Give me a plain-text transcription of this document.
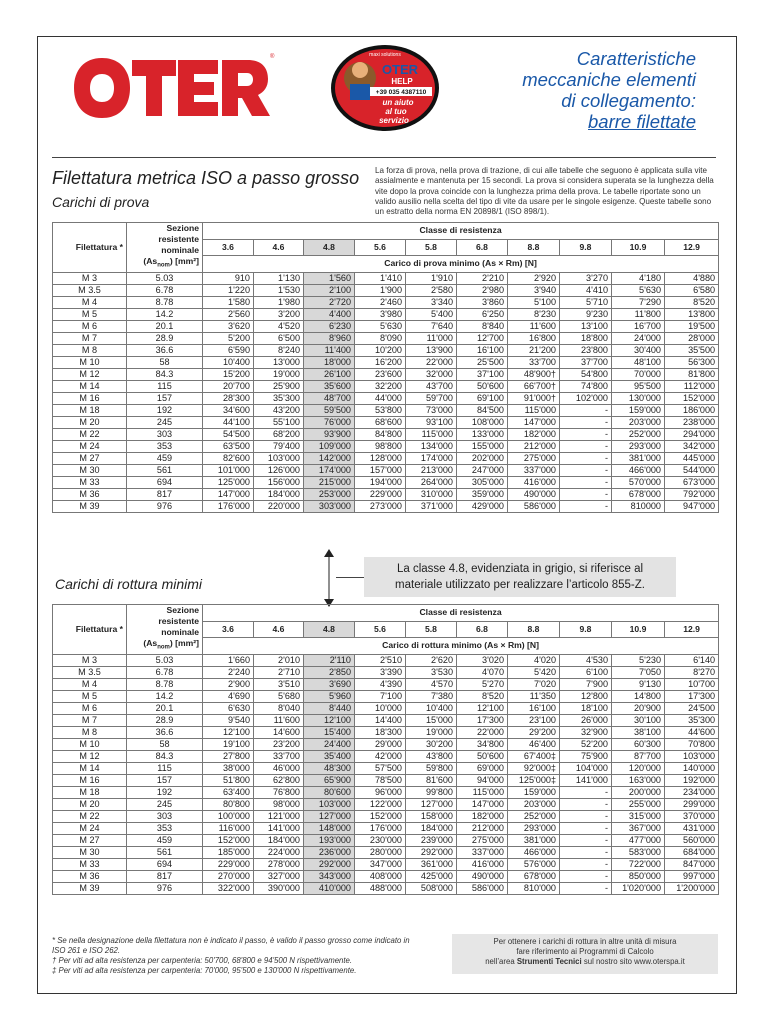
®	maxi solutions
OTER
HELP
+39 035 4387110
un aiuto
al tuo
servizio
Caratteristiche
meccaniche elementi
di collegamento:
barre filettate
Filettatura metrica ISO a passo grosso
Carichi di prova
La forza di prova, nella prova di trazione, di cui alle tabelle che seguono è applicata sulla vite assialmente e mantenuta per 15 secondi. La prova si considera superata se la lunghezza della vite dopo la prova coincide con la lunghezza prima della prova. Le tabelle riportate sono un valido ausilio nella scelta del tipo di vite da usare per le singole esigenze. Queste tabelle sono un estratto della norma EN 20898/1 (ISO 898/1).
Filettatura *	Sezione
resistente
nominale
$(As_{nom})$ [mm²]	Classe di resistenza									
		3.6	4.6	4.8	5.6	5.8	6.8	8.8	9.8	10.9	12.9
		Carico di prova minimo (As × Rm) [N]									
M 3	5.03	910	1'130	1'560	1'410	1'910	2'210	2'920	3'270	4'180	4'880
M 3.5	6.78	1'220	1'530	2'100	1'900	2'580	2'980	3'940	4'410	5'630	6'580
M 4	8.78	1'580	1'980	2'720	2'460	3'340	3'860	5'100	5'710	7'290	8'520
M 5	14.2	2'560	3'200	4'400	3'980	5'400	6'250	8'230	9'230	11'800	13'800
M 6	20.1	3'620	4'520	6'230	5'630	7'640	8'840	11'600	13'100	16'700	19'500
M 7	28.9	5'200	6'500	8'960	8'090	11'000	12'700	16'800	18'800	24'000	28'000
M 8	36.6	6'590	8'240	11'400	10'200	13'900	16'100	21'200	23'800	30'400	35'500
M 10	58	10'400	13'000	18'000	16'200	22'000	25'500	33'700	37'700	48'100	56'300
M 12	84.3	15'200	19'000	26'100	23'600	32'000	37'100	48'900†	54'800	70'000	81'800
M 14	115	20'700	25'900	35'600	32'200	43'700	50'600	66'700†	74'800	95'500	112'000
M 16	157	28'300	35'300	48'700	44'000	59'700	69'100	91'000†	102'000	130'000	152'000
M 18	192	34'600	43'200	59'500	53'800	73'000	84'500	115'000	-	159'000	186'000
M 20	245	44'100	55'100	76'000	68'600	93'100	108'000	147'000	-	203'000	238'000
M 22	303	54'500	68'200	93'900	84'800	115'000	133'000	182'000	-	252'000	294'000
M 24	353	63'500	79'400	109'000	98'800	134'000	155'000	212'000	-	293'000	342'000
M 27	459	82'600	103'000	142'000	128'000	174'000	202'000	275'000	-	381'000	445'000
M 30	561	101'000	126'000	174'000	157'000	213'000	247'000	337'000	-	466'000	544'000
M 33	694	125'000	156'000	215'000	194'000	264'000	305'000	416'000	-	570'000	673'000
M 36	817	147'000	184'000	253'000	229'000	310'000	359'000	490'000	-	678'000	792'000
M 39	976	176'000	220'000	303'000	273'000	371'000	429'000	586'000	-	810000	947'000
La classe 4.8, evidenziata in grigio, si riferisce al
materiale utilizzato per realizzare l’articolo 855-Z.
Carichi di rottura minimi
Filettatura *	Sezione
resistente
nominale
$(As_{nom})$ [mm²]	Classe di resistenza									
		3.6	4.6	4.8	5.6	5.8	6.8	8.8	9.8	10.9	12.9
		Carico di rottura minimo (As × Rm) [N]									
M 3	5.03	1'660	2'010	2'110	2'510	2'620	3'020	4'020	4'530	5'230	6'140
M 3.5	6.78	2'240	2'710	2'850	3'390	3'530	4'070	5'420	6'100	7'050	8'270
M 4	8.78	2'900	3'510	3'690	4'390	4'570	5'270	7'020	7'900	9'130	10'700
M 5	14.2	4'690	5'680	5'960	7'100	7'380	8'520	11'350	12'800	14'800	17'300
M 6	20.1	6'630	8'040	8'440	10'000	10'400	12'100	16'100	18'100	20'900	24'500
M 7	28.9	9'540	11'600	12'100	14'400	15'000	17'300	23'100	26'000	30'100	35'300
M 8	36.6	12'100	14'600	15'400	18'300	19'000	22'000	29'200	32'900	38'100	44'600
M 10	58	19'100	23'200	24'400	29'000	30'200	34'800	46'400	52'200	60'300	70'800
M 12	84.3	27'800	33'700	35'400	42'000	43'800	50'600	67'400‡	75'900	87'700	103'000
M 14	115	38'000	46'000	48'300	57'500	59'800	69'000	92'000‡	104'000	120'000	140'000
M 16	157	51'800	62'800	65'900	78'500	81'600	94'000	125'000‡	141'000	163'000	192'000
M 18	192	63'400	76'800	80'600	96'000	99'800	115'000	159'000	-	200'000	234'000
M 20	245	80'800	98'000	103'000	122'000	127'000	147'000	203'000	-	255'000	299'000
M 22	303	100'000	121'000	127'000	152'000	158'000	182'000	252'000	-	315'000	370'000
M 24	353	116'000	141'000	148'000	176'000	184'000	212'000	293'000	-	367'000	431'000
M 27	459	152'000	184'000	193'000	230'000	239'000	275'000	381'000	-	477'000	560'000
M 30	561	185'000	224'000	236'000	280'000	292'000	337'000	466'000	-	583'000	684'000
M 33	694	229'000	278'000	292'000	347'000	361'000	416'000	576'000	-	722'000	847'000
M 36	817	270'000	327'000	343'000	408'000	425'000	490'000	678'000	-	850'000	997'000
M 39	976	322'000	390'000	410'000	488'000	508'000	586'000	810'000	-	1'020'000	1'200'000
* Se nella designazione della filettatura non è indicato il passo, è valido il passo grosso come indicato in ISO 261 e ISO 262.
† Per viti ad alta resistenza per carpenteria: 50'700, 68'800 e 94'500 N rispettivamente.
‡ Per viti ad alta resistenza per carpenteria: 70'000, 95'500 e 130'000 N rispettivamente.
Per ottenere i carichi di rottura in altre unità di misura
fare riferimento ai Programmi di Calcolo
nell’area Strumenti Tecnici sul nostro sito www.oterspa.it
